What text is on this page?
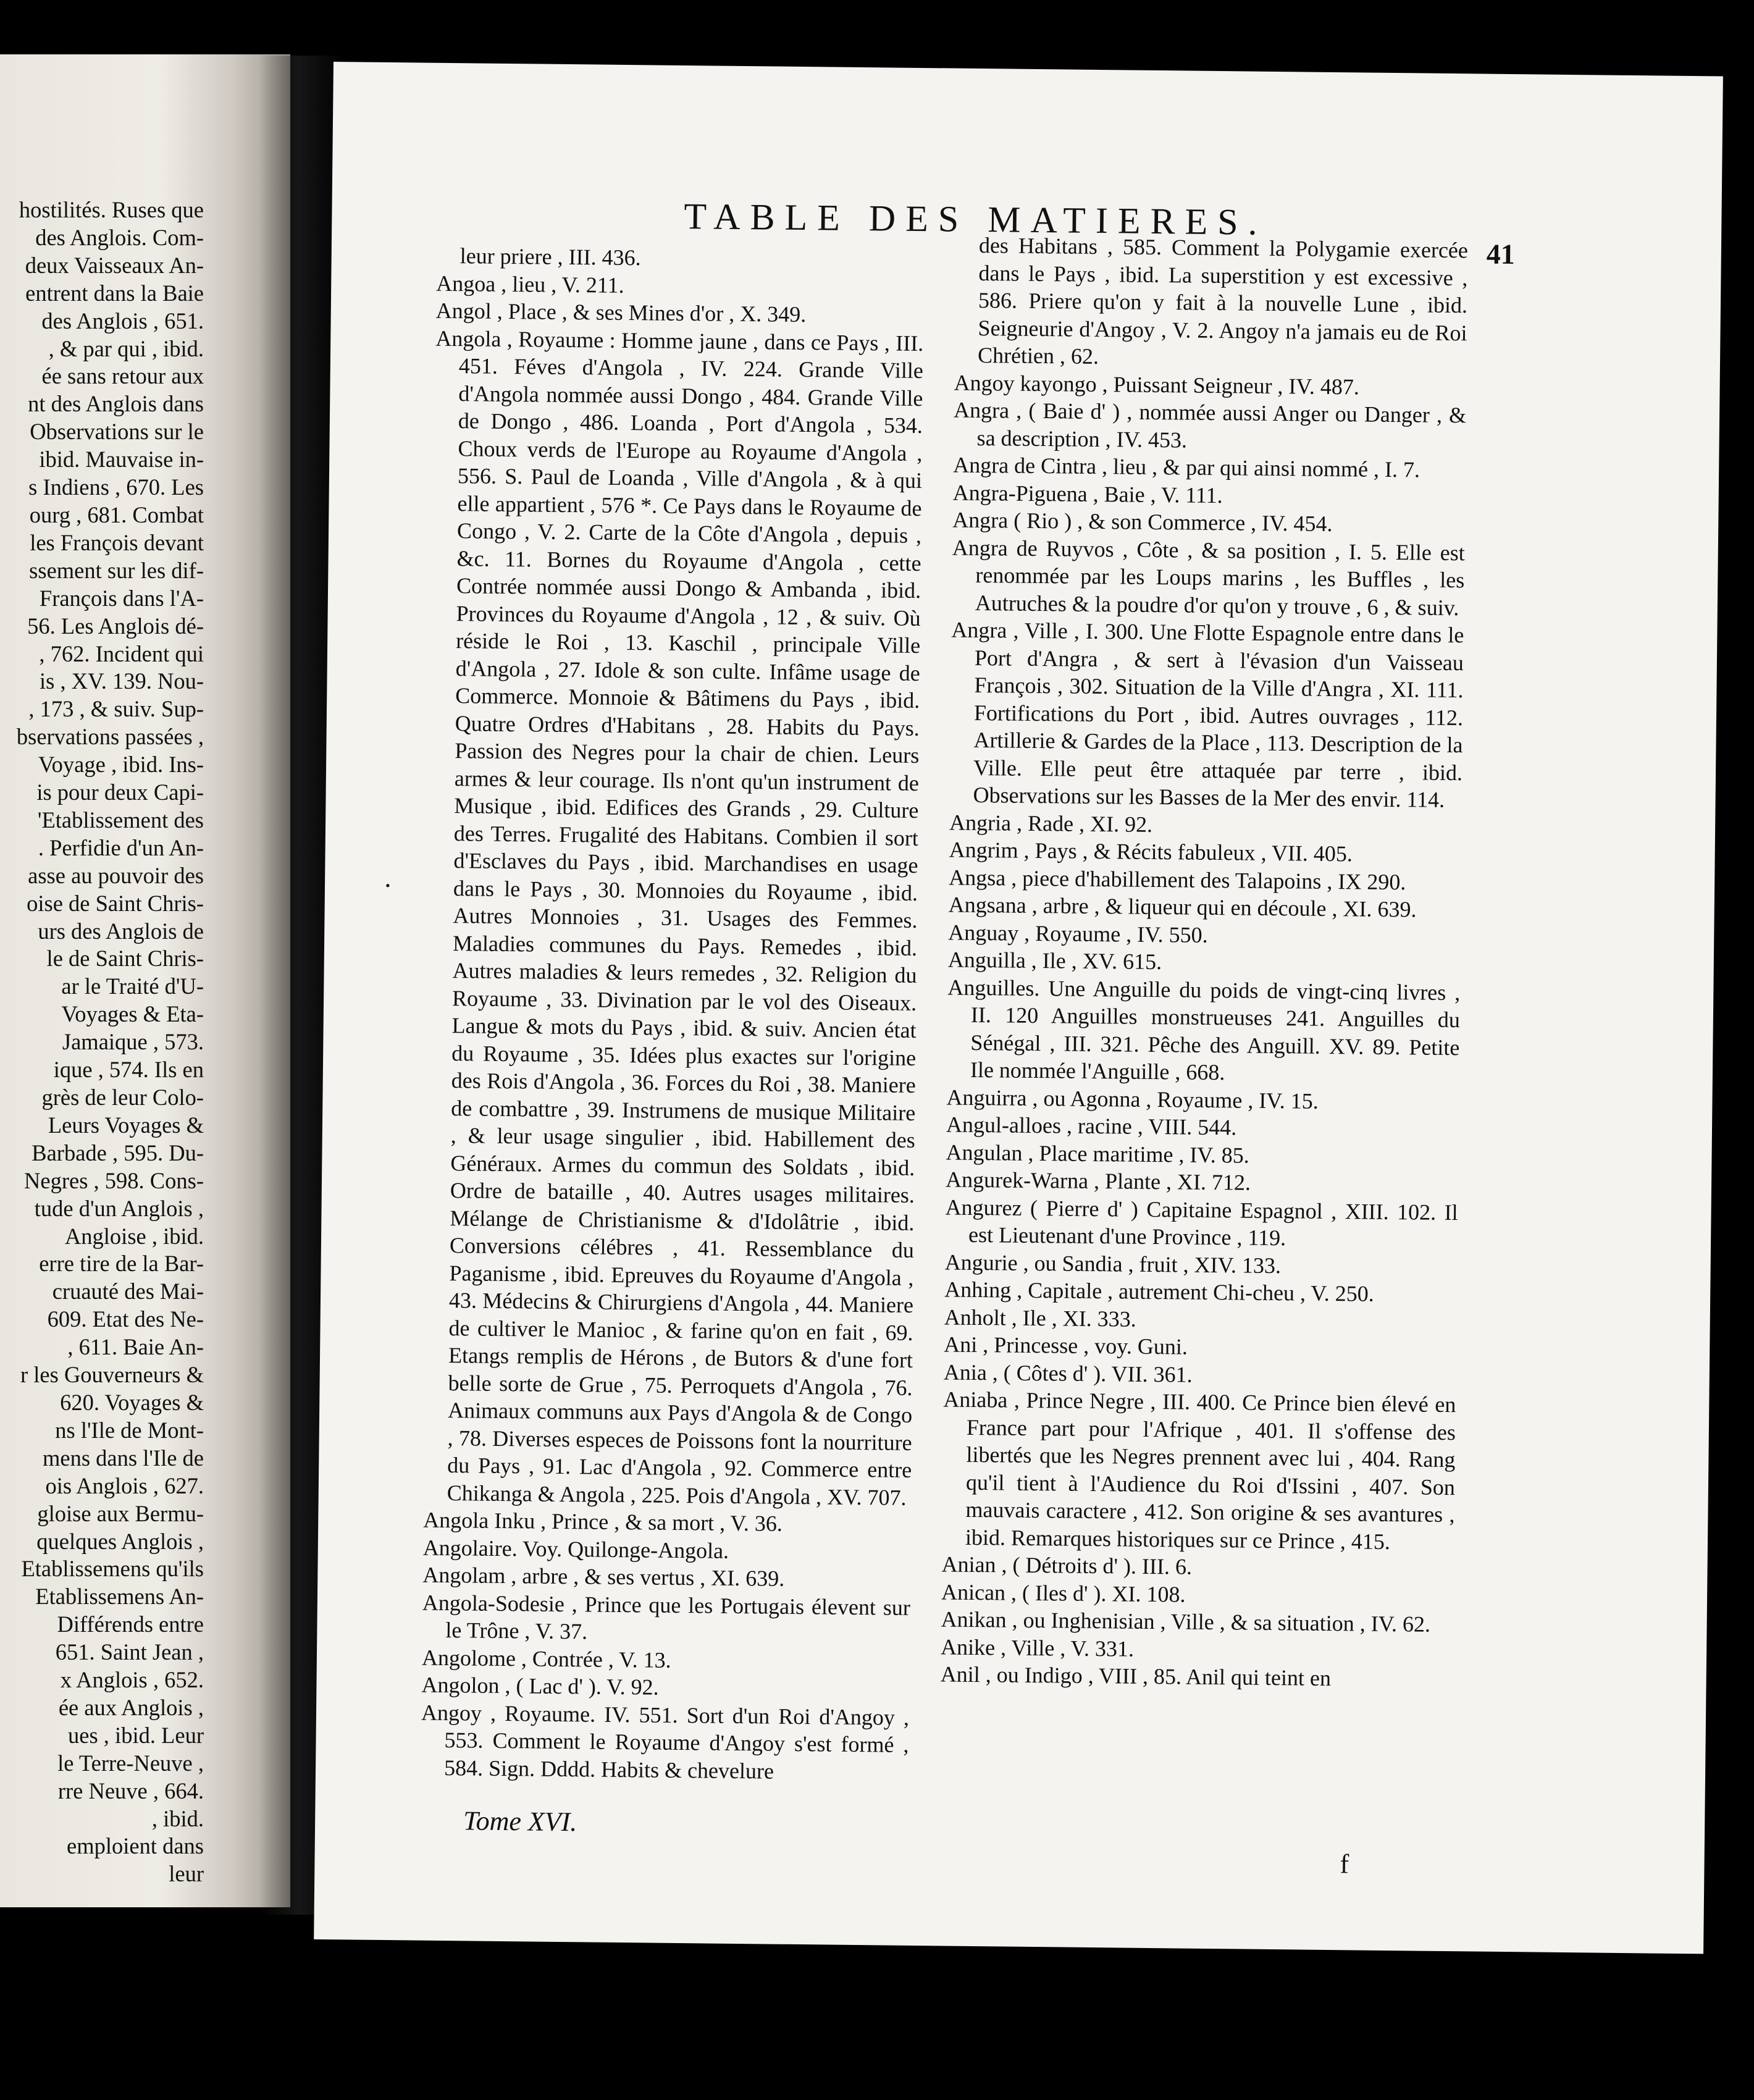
hostilités. Ruses que
des Anglois. Com-
deux Vaisseaux An-
entrent dans la Baie
des Anglois , 651.
, & par qui , ibid.
ée sans retour aux
nt des Anglois dans
Observations sur le
ibid. Mauvaise in-
s Indiens , 670. Les
ourg , 681. Combat
les François devant
ssement sur les dif-
François dans l'A-
56. Les Anglois dé-
, 762. Incident qui
is , XV. 139. Nou-
, 173 , & suiv. Sup-
bservations passées ,
Voyage , ibid. Ins-
is pour deux Capi-
'Etablissement des
. Perfidie d'un An-
asse au pouvoir des
oise de Saint Chris-
urs des Anglois de
le de Saint Chris-
ar le Traité d'U-
Voyages & Eta-
Jamaique , 573.
ique , 574. Ils en
grès de leur Colo-
Leurs Voyages &
Barbade , 595. Du-
Negres , 598. Cons-
tude d'un Anglois ,
Angloise , ibid.
erre tire de la Bar-
cruauté des Mai-
609. Etat des Ne-
, 611. Baie An-
r les Gouverneurs &
620. Voyages &
ns l'Ile de Mont-
mens dans l'Ile de
ois Anglois , 627.
gloise aux Bermu-
quelques Anglois ,
Etablissemens qu'ils
Etablissemens An-
Différends entre
651. Saint Jean ,
x Anglois , 652.
ée aux Anglois ,
ues , ibid. Leur
le Terre-Neuve ,
rre Neuve , 664.
, ibid.
emploient dans
leur
TABLE DES MATIERES.
41
leur priere , III. 436.
Angoa , lieu , V. 211.
Angol , Place , & ses Mines d'or , X. 349.
Angola , Royaume : Homme jaune , dans ce Pays , III. 451. Féves d'Angola , IV. 224. Grande Ville d'Angola nommée aussi Dongo , 484. Grande Ville de Dongo , 486. Loanda , Port d'Angola , 534. Choux verds de l'Europe au Royaume d'Angola , 556. S. Paul de Loanda , Ville d'Angola , & à qui elle appartient , 576 *. Ce Pays dans le Royaume de Congo , V. 2. Carte de la Côte d'Angola , depuis , &c. 11. Bornes du Royaume d'Angola , cette Contrée nommée aussi Dongo & Ambanda , ibid. Provinces du Royaume d'Angola , 12 , & suiv. Où réside le Roi , 13. Kaschil , principale Ville d'Angola , 27. Idole & son culte. Infâme usage de Commerce. Monnoie & Bâtimens du Pays , ibid. Quatre Ordres d'Habitans , 28. Habits du Pays. Passion des Negres pour la chair de chien. Leurs armes & leur courage. Ils n'ont qu'un instrument de Musique , ibid. Edifices des Grands , 29. Culture des Terres. Frugalité des Habitans. Combien il sort d'Esclaves du Pays , ibid. Marchandises en usage dans le Pays , 30. Monnoies du Royaume , ibid. Autres Monnoies , 31. Usages des Femmes. Maladies communes du Pays. Remedes , ibid. Autres maladies & leurs remedes , 32. Religion du Royaume , 33. Divination par le vol des Oiseaux. Langue & mots du Pays , ibid. & suiv. Ancien état du Royaume , 35. Idées plus exactes sur l'origine des Rois d'Angola , 36. Forces du Roi , 38. Maniere de combattre , 39. Instrumens de musique Militaire , & leur usage singulier , ibid. Habillement des Généraux. Armes du commun des Soldats , ibid. Ordre de bataille , 40. Autres usages militaires. Mélange de Christianisme & d'Idolâtrie , ibid. Conversions célébres , 41. Ressemblance du Paganisme , ibid. Epreuves du Royaume d'Angola , 43. Médecins & Chirurgiens d'Angola , 44. Maniere de cultiver le Manioc , & farine qu'on en fait , 69. Etangs remplis de Hérons , de Butors & d'une fort belle sorte de Grue , 75. Perroquets d'Angola , 76. Animaux communs aux Pays d'Angola & de Congo , 78. Diverses especes de Poissons font la nourriture du Pays , 91. Lac d'Angola , 92. Commerce entre Chikanga & Angola , 225. Pois d'Angola , XV. 707.
Angola Inku , Prince , & sa mort , V. 36.
Angolaire. Voy. Quilonge-Angola.
Angolam , arbre , & ses vertus , XI. 639.
Angola-Sodesie , Prince que les Portugais élevent sur le Trône , V. 37.
Angolome , Contrée , V. 13.
Angolon , ( Lac d' ). V. 92.
Angoy , Royaume. IV. 551. Sort d'un Roi d'Angoy , 553. Comment le Royaume d'Angoy s'est formé , 584. Sign. Dddd. Habits & chevelure
des Habitans , 585. Comment la Polygamie exercée dans le Pays , ibid. La superstition y est excessive , 586. Priere qu'on y fait à la nouvelle Lune , ibid. Seigneurie d'Angoy , V. 2. Angoy n'a jamais eu de Roi Chrétien , 62.
Angoy kayongo , Puissant Seigneur , IV. 487.
Angra , ( Baie d' ) , nommée aussi Anger ou Danger , & sa description , IV. 453.
Angra de Cintra , lieu , & par qui ainsi nommé , I. 7.
Angra-Piguena , Baie , V. 111.
Angra ( Rio ) , & son Commerce , IV. 454.
Angra de Ruyvos , Côte , & sa position , I. 5. Elle est renommée par les Loups marins , les Buffles , les Autruches & la poudre d'or qu'on y trouve , 6 , & suiv.
Angra , Ville , I. 300. Une Flotte Espagnole entre dans le Port d'Angra , & sert à l'évasion d'un Vaisseau François , 302. Situation de la Ville d'Angra , XI. 111. Fortifications du Port , ibid. Autres ouvrages , 112. Artillerie & Gardes de la Place , 113. Description de la Ville. Elle peut être attaquée par terre , ibid. Observations sur les Basses de la Mer des envir. 114.
Angria , Rade , XI. 92.
Angrim , Pays , & Récits fabuleux , VII. 405.
Angsa , piece d'habillement des Talapoins , IX 290.
Angsana , arbre , & liqueur qui en découle , XI. 639.
Anguay , Royaume , IV. 550.
Anguilla , Ile , XV. 615.
Anguilles. Une Anguille du poids de vingt-cinq livres , II. 120 Anguilles monstrueuses 241. Anguilles du Sénégal , III. 321. Pêche des Anguill. XV. 89. Petite Ile nommée l'Anguille , 668.
Anguirra , ou Agonna , Royaume , IV. 15.
Angul-alloes , racine , VIII. 544.
Angulan , Place maritime , IV. 85.
Angurek-Warna , Plante , XI. 712.
Angurez ( Pierre d' ) Capitaine Espagnol , XIII. 102. Il est Lieutenant d'une Province , 119.
Angurie , ou Sandia , fruit , XIV. 133.
Anhing , Capitale , autrement Chi-cheu , V. 250.
Anholt , Ile , XI. 333.
Ani , Princesse , voy. Guni.
Ania , ( Côtes d' ). VII. 361.
Aniaba , Prince Negre , III. 400. Ce Prince bien élevé en France part pour l'Afrique , 401. Il s'offense des libertés que les Negres prennent avec lui , 404. Rang qu'il tient à l'Audience du Roi d'Issini , 407. Son mauvais caractere , 412. Son origine & ses avantures , ibid. Remarques historiques sur ce Prince , 415.
Anian , ( Détroits d' ). III. 6.
Anican , ( Iles d' ). XI. 108.
Anikan , ou Inghenisian , Ville , & sa situation , IV. 62.
Anike , Ville , V. 331.
Anil , ou Indigo , VIII , 85. Anil qui teint en
•
Tome XVI.
f
